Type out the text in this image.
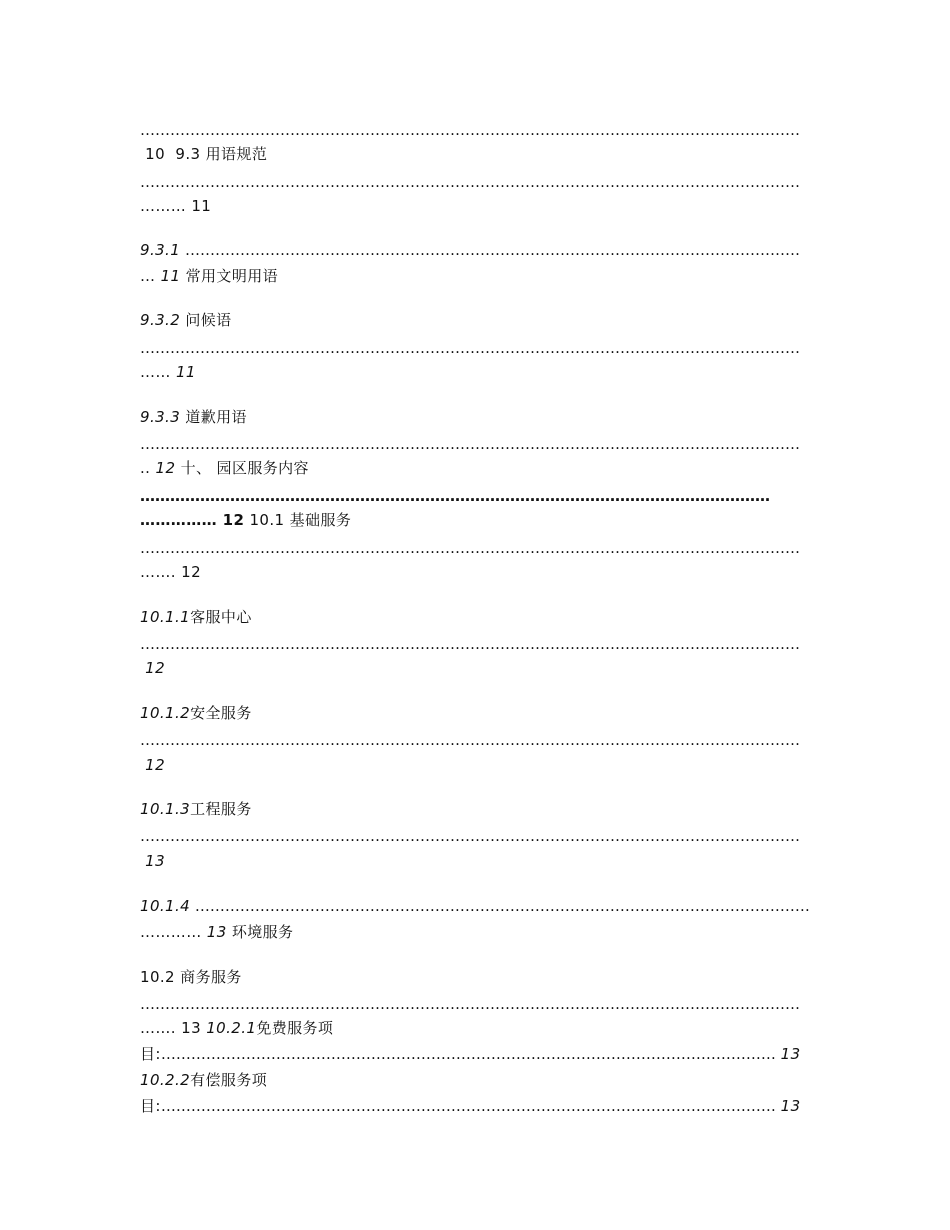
……………………………………………………………………………………………………………………
10  9.3 用语规范
……………………………………………………………………………………………………………………
……… 11
9.3.1 ……………………………………………………………………………………………………………
… 11 常用文明用语
9.3.2 问候语
……………………………………………………………………………………………………………………
…… 11
9.3.3 道歉用语
……………………………………………………………………………………………………………………
.. 12 十、 园区服务内容
………………………………………………………………………………………………………………
…………… 12 10.1 基础服务
……………………………………………………………………………………………………………………
……. 12
10.1.1客服中心
……………………………………………………………………………………………………………………
12
10.1.2安全服务
……………………………………………………………………………………………………………………
12
10.1.3工程服务
……………………………………………………………………………………………………………………
13
10.1.4 ……………………………………………………………………………………………………………
………… 13 环境服务
10.2 商务服务
……………………………………………………………………………………………………………………
……. 13 10.2.1免费服务项
目:…………………………………………………………………………………………………………… 13
10.2.2有偿服务项
目:…………………………………………………………………………………………………………… 13
